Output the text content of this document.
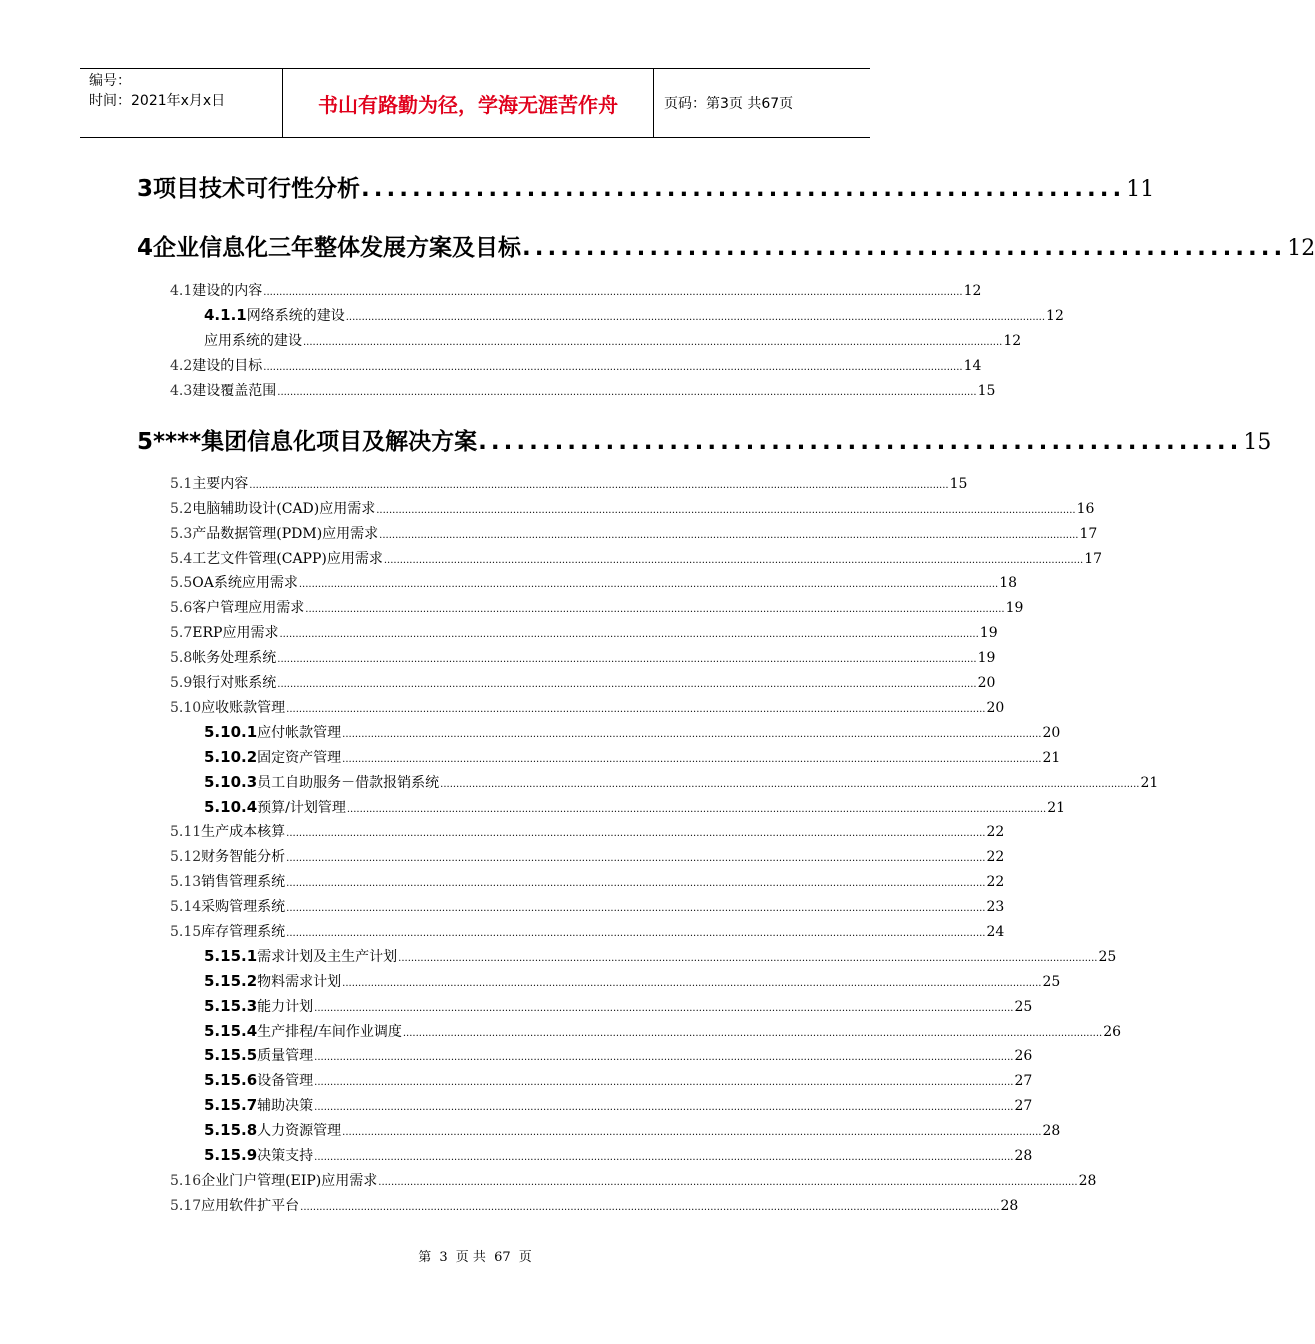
编号：
时间：2021年x月x日	书山有路勤为径，学海无涯苦作舟	页码：第3页 共67页
3 项目技术可行性分析 ............................................................ 11
4 企业信息化三年整体发展方案及目标 ............................................................ 12
4.1 建设的内容 ............................................................................................................................................................................................................................ 12
4.1.1 网络系统的建设 ............................................................................................................................................................................................................................ 12
应用系统的建设 ............................................................................................................................................................................................................................ 12
4.2 建设的目标 ............................................................................................................................................................................................................................ 14
4.3 建设覆盖范围 ............................................................................................................................................................................................................................ 15
5 ****集团信息化项目及解决方案 ............................................................ 15
5.1 主要内容 ............................................................................................................................................................................................................................ 15
5.2 电脑辅助设计(CAD)应用需求 ............................................................................................................................................................................................................................ 16
5.3 产品数据管理(PDM)应用需求 ............................................................................................................................................................................................................................ 17
5.4 工艺文件管理(CAPP)应用需求 ............................................................................................................................................................................................................................ 17
5.5 OA系统应用需求 ............................................................................................................................................................................................................................ 18
5.6 客户管理应用需求 ............................................................................................................................................................................................................................ 19
5.7 ERP应用需求 ............................................................................................................................................................................................................................ 19
5.8 帐务处理系统 ............................................................................................................................................................................................................................ 19
5.9 银行对账系统 ............................................................................................................................................................................................................................ 20
5.10 应收账款管理 ............................................................................................................................................................................................................................ 20
5.10.1 应付帐款管理 ............................................................................................................................................................................................................................ 20
5.10.2 固定资产管理 ............................................................................................................................................................................................................................ 21
5.10.3 员工自助服务－借款报销系统 ............................................................................................................................................................................................................................ 21
5.10.4 预算/计划管理 ............................................................................................................................................................................................................................ 21
5.11 生产成本核算 ............................................................................................................................................................................................................................ 22
5.12 财务智能分析 ............................................................................................................................................................................................................................ 22
5.13 销售管理系统 ............................................................................................................................................................................................................................ 22
5.14 采购管理系统 ............................................................................................................................................................................................................................ 23
5.15 库存管理系统 ............................................................................................................................................................................................................................ 24
5.15.1 需求计划及主生产计划 ............................................................................................................................................................................................................................ 25
5.15.2 物料需求计划 ............................................................................................................................................................................................................................ 25
5.15.3 能力计划 ............................................................................................................................................................................................................................ 25
5.15.4 生产排程/车间作业调度 ............................................................................................................................................................................................................................ 26
5.15.5 质量管理 ............................................................................................................................................................................................................................ 26
5.15.6 设备管理 ............................................................................................................................................................................................................................ 27
5.15.7 辅助决策 ............................................................................................................................................................................................................................ 27
5.15.8 人力资源管理 ............................................................................................................................................................................................................................ 28
5.15.9 决策支持 ............................................................................................................................................................................................................................ 28
5.16 企业门户管理(EIP)应用需求 ............................................................................................................................................................................................................................ 28
5.17 应用软件扩平台 ............................................................................................................................................................................................................................ 28
第 3 页 共 67 页
